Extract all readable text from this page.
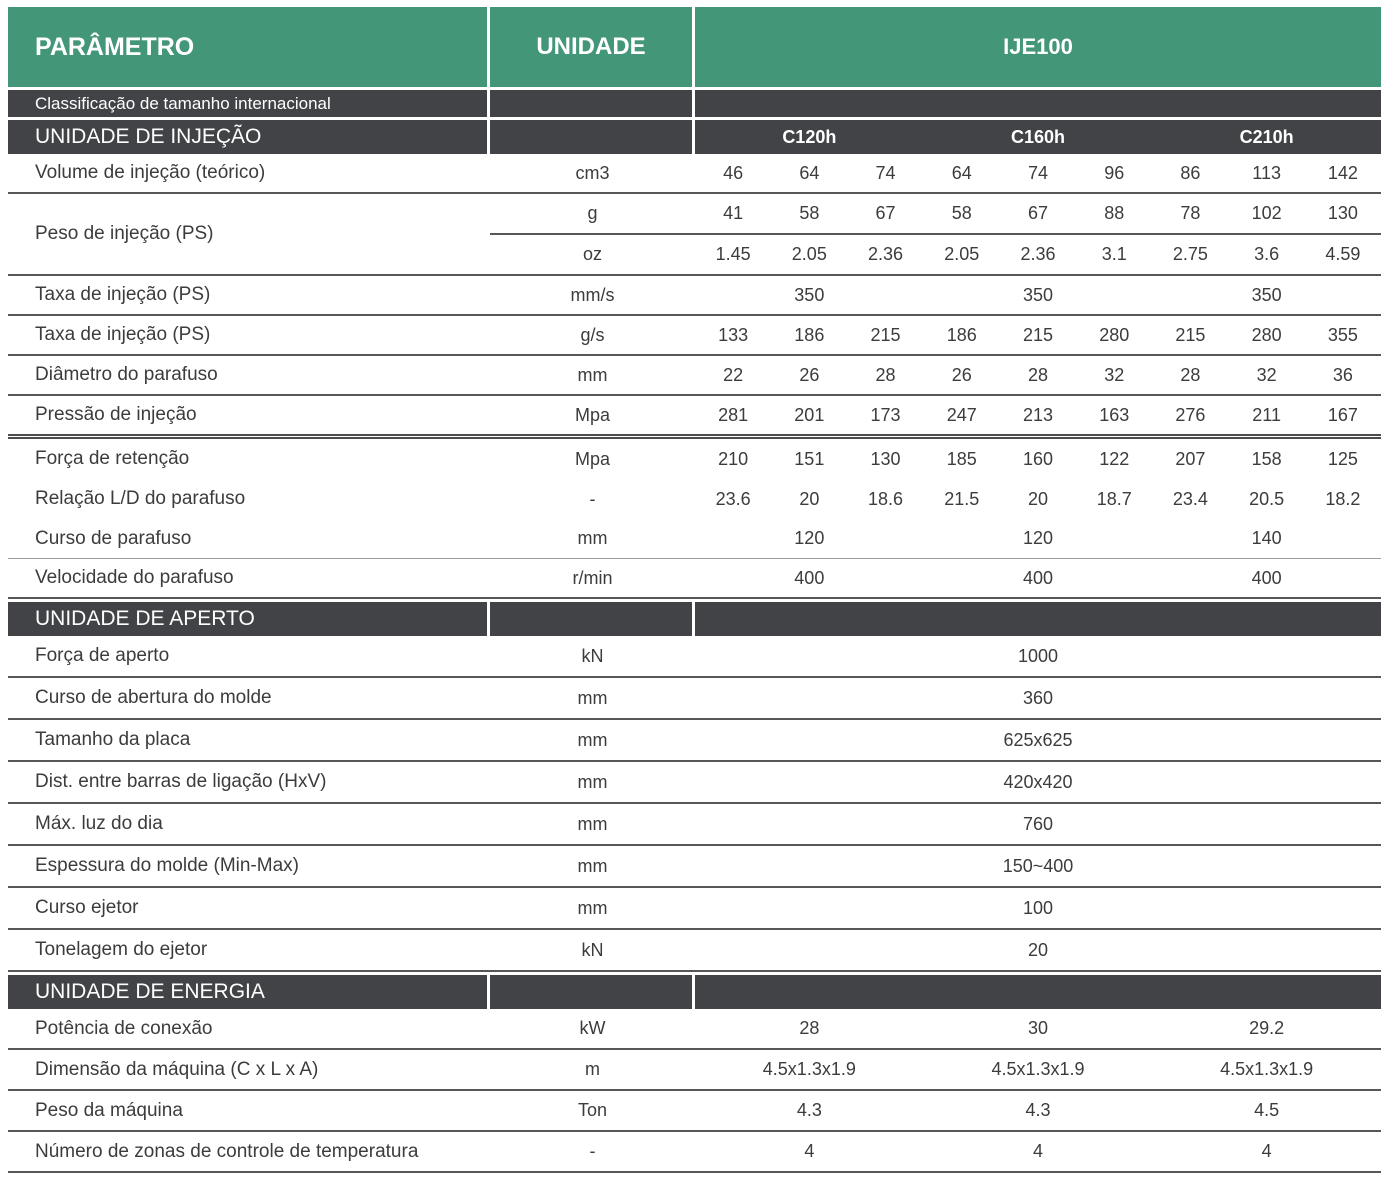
PARÂMETRO	UNIDADE	IJE100
Classificação de tamanho internacional
UNIDADE DE INJEÇÃO	C120h	C160h	C210h
Volume de injeção (teórico)	cm3	46	64	74	64	74	96	86	113	142
Peso de injeção (PS)
g	41	58	67	58	67	88	78	102	130
oz	1.45	2.05	2.36	2.05	2.36	3.1	2.75	3.6	4.59
Taxa de injeção (PS)	mm/s	350	350	350
Taxa de injeção (PS)	g/s	133	186	215	186	215	280	215	280	355
Diâmetro do parafuso	mm	22	26	28	26	28	32	28	32	36
Pressão de injeção	Mpa	281	201	173	247	213	163	276	211	167
Força de retenção	Mpa	210	151	130	185	160	122	207	158	125
Relação L/D do parafuso	-	23.6	20	18.6	21.5	20	18.7	23.4	20.5	18.2
Curso de parafuso	mm	120	120	140
Velocidade do parafuso	r/min	400	400	400
UNIDADE DE APERTO
Força de aperto	kN	1000
Curso de abertura do molde	mm	360
Tamanho da placa	mm	625x625
Dist. entre barras de ligação (HxV)	mm	420x420
Máx. luz do dia	mm	760
Espessura do molde (Min-Max)	mm	150~400
Curso ejetor	mm	100
Tonelagem do ejetor	kN	20
UNIDADE DE ENERGIA
Potência de conexão	kW	28	30	29.2
Dimensão da máquina (C x L x A)	m	4.5x1.3x1.9	4.5x1.3x1.9	4.5x1.3x1.9
Peso da máquina	Ton	4.3	4.3	4.5
Número de zonas de controle de temperatura	-	4	4	4
